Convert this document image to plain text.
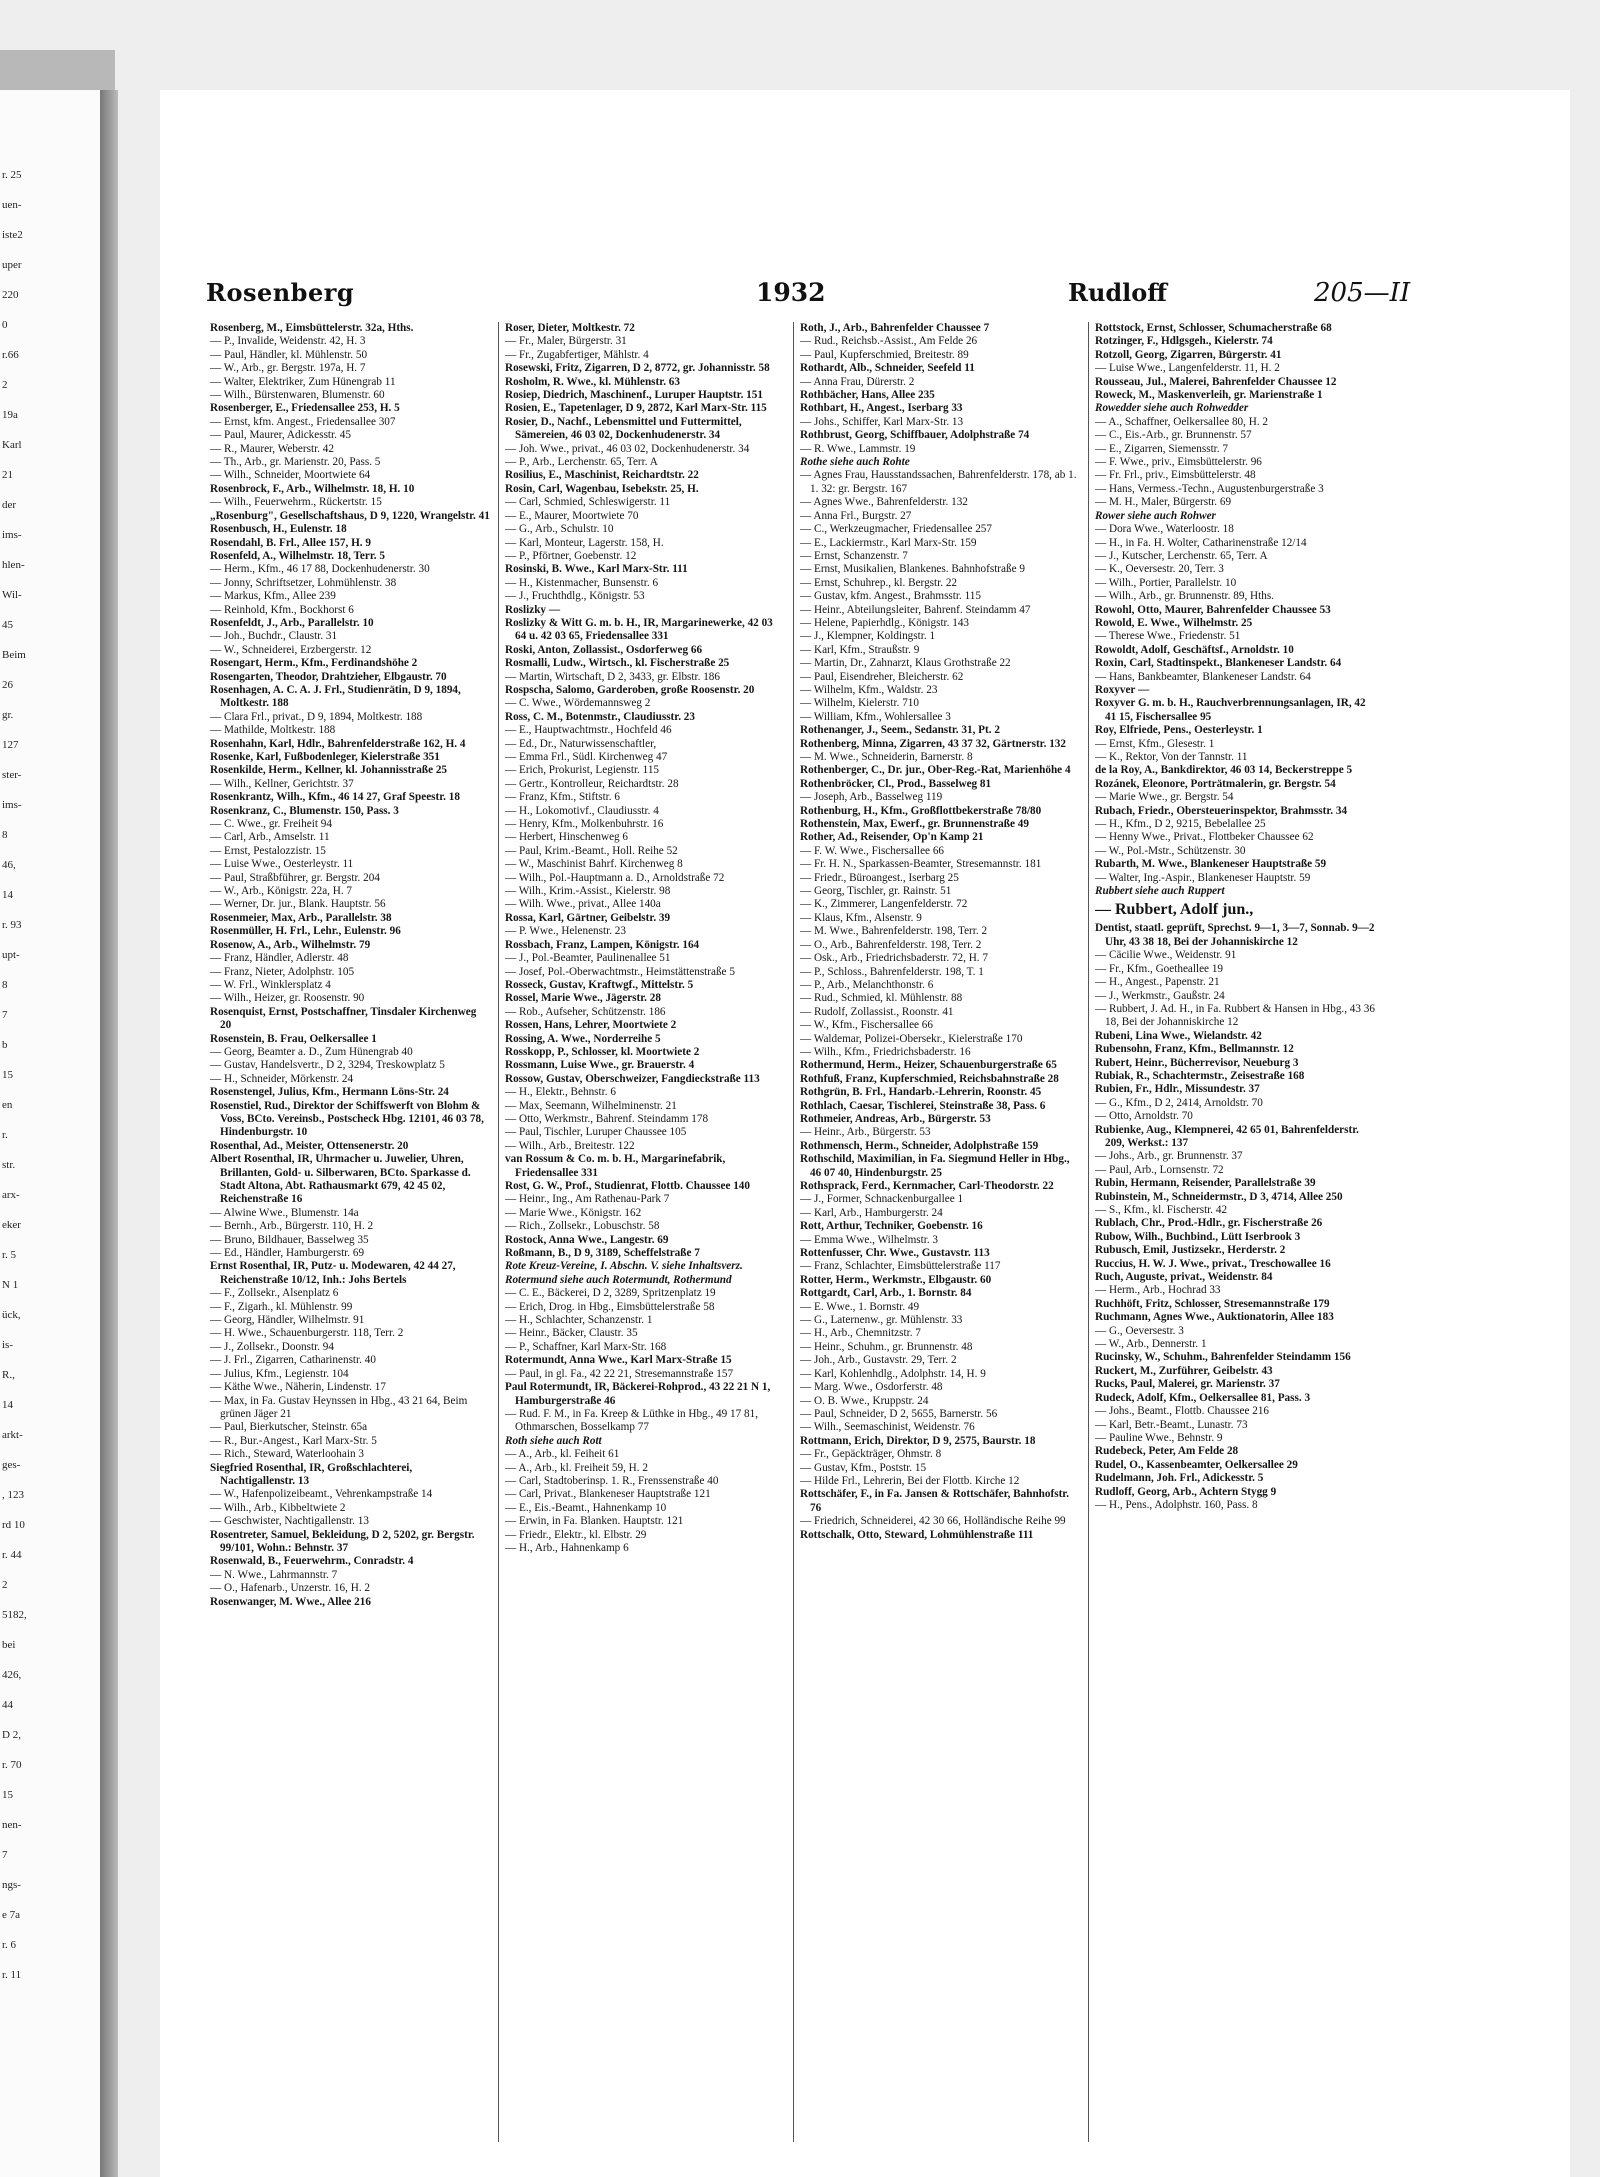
r. 25
uen-
iste2
uper
220
0
r.66
2
19a
Karl
21
der
ims-
hlen-
Wil-
45
Beim
26
gr.
127
ster-
ims-
8
46,
14
r. 93
upt-
8
7
b
15
en
r.
str.
arx-
eker
r. 5
N 1
ück,
is-
R.,
14
arkt-
ges-
, 123
rd 10
r. 44
2
5182,
bei
426,
44
D 2,
r. 70
15
nen-
7
ngs-
e 7a
r. 6
r. 11
Rosenberg	1932	Rudloff	205—II

Rosenberg, M., Eimsbüttelerstr. 32a, Hths.

— P., Invalide, Weidenstr. 42, H. 3

— Paul, Händler, kl. Mühlenstr. 50

— W., Arb., gr. Bergstr. 197a, H. 7

— Walter, Elektriker, Zum Hünengrab 11

— Wilh., Bürstenwaren, Blumenstr. 60

Rosenberger, E., Friedensallee 253, H. 5

— Ernst, kfm. Angest., Friedensallee 307

— Paul, Maurer, Adickesstr. 45

— R., Maurer, Weberstr. 42

— Th., Arb., gr. Marienstr. 20, Pass. 5

— Wilh., Schneider, Moortwiete 64

Rosenbrock, F., Arb., Wilhelmstr. 18, H. 10

— Wilh., Feuerwehrm., Rückertstr. 15

„Rosenburg", Gesellschaftshaus, D 9, 1220, Wrangelstr. 41

Rosenbusch, H., Eulenstr. 18

Rosendahl, B. Frl., Allee 157, H. 9

Rosenfeld, A., Wilhelmstr. 18, Terr. 5

— Herm., Kfm., 46 17 88, Dockenhudenerstr. 30

— Jonny, Schriftsetzer, Lohmühlenstr. 38

— Markus, Kfm., Allee 239

— Reinhold, Kfm., Bockhorst 6

Rosenfeldt, J., Arb., Parallelstr. 10

— Joh., Buchdr., Claustr. 31

— W., Schneiderei, Erzbergerstr. 12

Rosengart, Herm., Kfm., Ferdinandshöhe 2

Rosengarten, Theodor, Drahtzieher, Elbgaustr. 70

Rosenhagen, A. C. A. J. Frl., Studienrätin, D 9, 1894, Moltkestr. 188

— Clara Frl., privat., D 9, 1894, Moltkestr. 188

— Mathilde, Moltkestr. 188

Rosenhahn, Karl, Hdlr., Bahrenfelderstraße 162, H. 4

Rosenke, Karl, Fußbodenleger, Kielerstraße 351

Rosenkilde, Herm., Kellner, kl. Johannisstraße 25

— Wilh., Kellner, Gerichtstr. 37

Rosenkrantz, Wilh., Kfm., 46 14 27, Graf Speestr. 18

Rosenkranz, C., Blumenstr. 150, Pass. 3

— C. Wwe., gr. Freiheit 94

— Carl, Arb., Amselstr. 11

— Ernst, Pestalozzistr. 15

— Luise Wwe., Oesterleystr. 11

— Paul, Straßbführer, gr. Bergstr. 204

— W., Arb., Königstr. 22a, H. 7

— Werner, Dr. jur., Blank. Hauptstr. 56

Rosenmeier, Max, Arb., Parallelstr. 38

Rosenmüller, H. Frl., Lehr., Eulenstr. 96

Rosenow, A., Arb., Wilhelmstr. 79

— Franz, Händler, Adlerstr. 48

— Franz, Nieter, Adolphstr. 105

— W. Frl., Winklersplatz 4

— Wilh., Heizer, gr. Roosenstr. 90

Rosenquist, Ernst, Postschaffner, Tinsdaler Kirchenweg 20

Rosenstein, B. Frau, Oelkersallee 1

— Georg, Beamter a. D., Zum Hünengrab 40

— Gustav, Handelsvertr., D 2, 3294, Treskowplatz 5

— H., Schneider, Mörkenstr. 24

Rosenstengel, Julius, Kfm., Hermann Löns-Str. 24

Rosenstiel, Rud., Direktor der Schiffswerft von Blohm & Voss, BCto. Vereinsb., Postscheck Hbg. 12101, 46 03 78, Hindenburgstr. 10

Rosenthal, Ad., Meister, Ottensenerstr. 20

Albert Rosenthal, IR, Uhrmacher u. Juwelier, Uhren, Brillanten, Gold- u. Silberwaren, BCto. Sparkasse d. Stadt Altona, Abt. Rathausmarkt 679, 42 45 02, Reichenstraße 16

— Alwine Wwe., Blumenstr. 14a

— Bernh., Arb., Bürgerstr. 110, H. 2

— Bruno, Bildhauer, Basselweg 35

— Ed., Händler, Hamburgerstr. 69

Ernst Rosenthal, IR, Putz- u. Modewaren, 42 44 27, Reichenstraße 10/12, Inh.: Johs Bertels

— F., Zollsekr., Alsenplatz 6

— F., Zigarh., kl. Mühlenstr. 99

— Georg, Händler, Wilhelmstr. 91

— H. Wwe., Schauenburgerstr. 118, Terr. 2

— J., Zollsekr., Doonstr. 94

— J. Frl., Zigarren, Catharinenstr. 40

— Julius, Kfm., Legienstr. 104

— Käthe Wwe., Näherin, Lindenstr. 17

— Max, in Fa. Gustav Heynssen in Hbg., 43 21 64, Beim grünen Jäger 21

— Paul, Bierkutscher, Steinstr. 65a

— R., Bur.-Angest., Karl Marx-Str. 5

— Rich., Steward, Waterloohain 3

Siegfried Rosenthal, IR, Großschlachterei, Nachtigallenstr. 13

— W., Hafenpolizeibeamt., Vehrenkampstraße 14

— Wilh., Arb., Kibbeltwiete 2

— Geschwister, Nachtigallenstr. 13

Rosentreter, Samuel, Bekleidung, D 2, 5202, gr. Bergstr. 99/101, Wohn.: Behnstr. 37

Rosenwald, B., Feuerwehrm., Conradstr. 4

— N. Wwe., Lahrmannstr. 7

— O., Hafenarb., Unzerstr. 16, H. 2

Rosenwanger, M. Wwe., Allee 216

Roser, Dieter, Moltkestr. 72

— Fr., Maler, Bürgerstr. 31

— Fr., Zugabfertiger, Mählstr. 4

Rosewski, Fritz, Zigarren, D 2, 8772, gr. Johannisstr. 58

Rosholm, R. Wwe., kl. Mühlenstr. 63

Rosiep, Diedrich, Maschinenf., Luruper Hauptstr. 151

Rosien, E., Tapetenlager, D 9, 2872, Karl Marx-Str. 115

Rosier, D., Nachf., Lebensmittel und Futtermittel, Sämereien, 46 03 02, Dockenhudenerstr. 34

— Joh. Wwe., privat., 46 03 02, Dockenhudenerstr. 34

— P., Arb., Lerchenstr. 65, Terr. A

Rosilius, E., Maschinist, Reichardtstr. 22

Rosin, Carl, Wagenbau, Isebekstr. 25, H.

— Carl, Schmied, Schleswigerstr. 11

— E., Maurer, Moortwiete 70

— G., Arb., Schulstr. 10

— Karl, Monteur, Lagerstr. 158, H.

— P., Pförtner, Goebenstr. 12

Rosinski, B. Wwe., Karl Marx-Str. 111

— H., Kistenmacher, Bunsenstr. 6

— J., Fruchthdlg., Königstr. 53

Roslizky —

Roslizky & Witt G. m. b. H., IR, Margarinewerke, 42 03 64 u. 42 03 65, Friedensallee 331

Roski, Anton, Zollassist., Osdorferweg 66

Rosmalli, Ludw., Wirtsch., kl. Fischerstraße 25

— Martin, Wirtschaft, D 2, 3433, gr. Elbstr. 186

Rospscha, Salomo, Garderoben, große Roosenstr. 20

— C. Wwe., Wördemannsweg 2

Ross, C. M., Botenmstr., Claudiusstr. 23

— E., Hauptwachtmstr., Hochfeld 46

— Ed., Dr., Naturwissenschaftler,

— Emma Frl., Südl. Kirchenweg 47

— Erich, Prokurist, Legienstr. 115

— Gertr., Kontrolleur, Reichardtstr. 28

— Franz, Kfm., Stiftstr. 6

— H., Lokomotivf., Claudiusstr. 4

— Henry, Kfm., Molkenbuhrstr. 16

— Herbert, Hinschenweg 6

— Paul, Krim.-Beamt., Holl. Reihe 52

— W., Maschinist Bahrf. Kirchenweg 8

— Wilh., Pol.-Hauptmann a. D., Arnoldstraße 72

— Wilh., Krim.-Assist., Kielerstr. 98

— Wilh. Wwe., privat., Allee 140a

Rossa, Karl, Gärtner, Geibelstr. 39

— P. Wwe., Helenenstr. 23

Rossbach, Franz, Lampen, Königstr. 164

— J., Pol.-Beamter, Paulinenallee 51

— Josef, Pol.-Oberwachtmstr., Heimstättenstraße 5

Rosseck, Gustav, Kraftwgf., Mittelstr. 5

Rossel, Marie Wwe., Jägerstr. 28

— Rob., Aufseher, Schützenstr. 186

Rossen, Hans, Lehrer, Moortwiete 2

Rossing, A. Wwe., Norderreihe 5

Rosskopp, P., Schlosser, kl. Moortwiete 2

Rossmann, Luise Wwe., gr. Brauerstr. 4

Rossow, Gustav, Oberschweizer, Fangdieckstraße 113

— H., Elektr., Behnstr. 6

— Max, Seemann, Wilhelminenstr. 21

— Otto, Werkmstr., Bahrenf. Steindamm 178

— Paul, Tischler, Luruper Chaussee 105

— Wilh., Arb., Breitestr. 122

van Rossum & Co. m. b. H., Margarinefabrik, Friedensallee 331

Rost, G. W., Prof., Studienrat, Flottb. Chaussee 140

— Heinr., Ing., Am Rathenau-Park 7

— Marie Wwe., Königstr. 162

— Rich., Zollsekr., Lobuschstr. 58

Rostock, Anna Wwe., Langestr. 69

Roßmann, B., D 9, 3189, Scheffelstraße 7

Rote Kreuz-Vereine, I. Abschn. V. siehe Inhaltsverz.

Rotermund siehe auch Rotermundt, Rothermund

— C. E., Bäckerei, D 2, 3289, Spritzenplatz 19

— Erich, Drog. in Hbg., Eimsbüttelerstraße 58

— H., Schlachter, Schanzenstr. 1

— Heinr., Bäcker, Claustr. 35

— P., Schaffner, Karl Marx-Str. 168

Rotermundt, Anna Wwe., Karl Marx-Straße 15

— Paul, in gl. Fa., 42 22 21, Stresemannstraße 157

Paul Rotermundt, IR, Bäckerei-Rohprod., 43 22 21 N 1, Hamburgerstraße 46

— Rud. F. M., in Fa. Kreep & Lüthke in Hbg., 49 17 81, Othmarschen, Bosselkamp 77

Roth siehe auch Rott

— A., Arb., kl. Feiheit 61

— A., Arb., kl. Freiheit 59, H. 2

— Carl, Stadtoberinsp. 1. R., Frenssenstraße 40

— Carl, Privat., Blankeneser Hauptstraße 121

— E., Eis.-Beamt., Hahnenkamp 10

— Erwin, in Fa. Blanken. Hauptstr. 121

— Friedr., Elektr., kl. Elbstr. 29

— H., Arb., Hahnenkamp 6

Roth, J., Arb., Bahrenfelder Chaussee 7

— Rud., Reichsb.-Assist., Am Felde 26

— Paul, Kupferschmied, Breitestr. 89

Rothardt, Alb., Schneider, Seefeld 11

— Anna Frau, Dürerstr. 2

Rothbächer, Hans, Allee 235

Rothbart, H., Angest., Iserbarg 33

— Johs., Schiffer, Karl Marx-Str. 13

Rothbrust, Georg, Schiffbauer, Adolphstraße 74

— R. Wwe., Lammstr. 19

Rothe siehe auch Rohte

— Agnes Frau, Hausstandssachen, Bahrenfelderstr. 178, ab 1. 1. 32: gr. Bergstr. 167

— Agnes Wwe., Bahrenfelderstr. 132

— Anna Frl., Burgstr. 27

— C., Werkzeugmacher, Friedensallee 257

— E., Lackiermstr., Karl Marx-Str. 159

— Ernst, Schanzenstr. 7

— Ernst, Musikalien, Blankenes. Bahnhofstraße 9

— Ernst, Schuhrep., kl. Bergstr. 22

— Gustav, kfm. Angest., Brahmsstr. 115

— Heinr., Abteilungsleiter, Bahrenf. Steindamm 47

— Helene, Papierhdlg., Königstr. 143

— J., Klempner, Koldingstr. 1

— Karl, Kfm., Straußstr. 9

— Martin, Dr., Zahnarzt, Klaus Grothstraße 22

— Paul, Eisendreher, Bleicherstr. 62

— Wilhelm, Kfm., Waldstr. 23

— Wilhelm, Kielerstr. 710

— William, Kfm., Wohlersallee 3

Rothenanger, J., Seem., Sedanstr. 31, Pt. 2

Rothenberg, Minna, Zigarren, 43 37 32, Gärtnerstr. 132

— M. Wwe., Schneiderin, Barnerstr. 8

Rothenberger, C., Dr. jur., Ober-Reg.-Rat, Marienhöhe 4

Rothenbröcker, Cl., Prod., Basselweg 81

— Joseph, Arb., Basselweg 119

Rothenburg, H., Kfm., Großflottbekerstraße 78/80

Rothenstein, Max, Ewerf., gr. Brunnenstraße 49

Rother, Ad., Reisender, Op'n Kamp 21

— F. W. Wwe., Fischersallee 66

— Fr. H. N., Sparkassen-Beamter, Stresemannstr. 181

— Friedr., Büroangest., Iserbarg 25

— Georg, Tischler, gr. Rainstr. 51

— K., Zimmerer, Langenfelderstr. 72

— Klaus, Kfm., Alsenstr. 9

— M. Wwe., Bahrenfelderstr. 198, Terr. 2

— O., Arb., Bahrenfelderstr. 198, Terr. 2

— Osk., Arb., Friedrichsbaderstr. 72, H. 7

— P., Schloss., Bahrenfelderstr. 198, T. 1

— P., Arb., Melanchthonstr. 6

— Rud., Schmied, kl. Mühlenstr. 88

— Rudolf, Zollassist., Roonstr. 41

— W., Kfm., Fischersallee 66

— Waldemar, Polizei-Obersekr., Kielerstraße 170

— Wilh., Kfm., Friedrichsbaderstr. 16

Rothermund, Herm., Heizer, Schauenburgerstraße 65

Rothfuß, Franz, Kupferschmied, Reichsbahnstraße 28

Rothgrün, B. Frl., Handarb.-Lehrerin, Roonstr. 45

Rothlach, Caesar, Tischlerei, Steinstraße 38, Pass. 6

Rothmeier, Andreas, Arb., Bürgerstr. 53

— Heinr., Arb., Bürgerstr. 53

Rothmensch, Herm., Schneider, Adolphstraße 159

Rothschild, Maximilian, in Fa. Siegmund Heller in Hbg., 46 07 40, Hindenburgstr. 25

Rothsprack, Ferd., Kernmacher, Carl-Theodorstr. 22

— J., Former, Schnackenburgallee 1

— Karl, Arb., Hamburgerstr. 24

Rott, Arthur, Techniker, Goebenstr. 16

— Emma Wwe., Wilhelmstr. 3

Rottenfusser, Chr. Wwe., Gustavstr. 113

— Franz, Schlachter, Eimsbüttelerstraße 117

Rotter, Herm., Werkmstr., Elbgaustr. 60

Rottgardt, Carl, Arb., 1. Bornstr. 84

— E. Wwe., 1. Bornstr. 49

— G., Laternenw., gr. Mühlenstr. 33

— H., Arb., Chemnitzstr. 7

— Heinr., Schuhm., gr. Brunnenstr. 48

— Joh., Arb., Gustavstr. 29, Terr. 2

— Karl, Kohlenhdlg., Adolphstr. 14, H. 9

— Marg. Wwe., Osdorferstr. 48

— O. B. Wwe., Kruppstr. 24

— Paul, Schneider, D 2, 5655, Barnerstr. 56

— Wilh., Seemaschinist, Weidenstr. 76

Rottmann, Erich, Direktor, D 9, 2575, Baurstr. 18

— Fr., Gepäckträger, Ohmstr. 8

— Gustav, Kfm., Poststr. 15

— Hilde Frl., Lehrerin, Bei der Flottb. Kirche 12

Rottschäfer, F., in Fa. Jansen & Rottschäfer, Bahnhofstr. 76

— Friedrich, Schneiderei, 42 30 66, Holländische Reihe 99

Rottschalk, Otto, Steward, Lohmühlenstraße 111

Rottstock, Ernst, Schlosser, Schumacherstraße 68

Rotzinger, F., Hdlgsgeh., Kielerstr. 74

Rotzoll, Georg, Zigarren, Bürgerstr. 41

— Luise Wwe., Langenfelderstr. 11, H. 2

Rousseau, Jul., Malerei, Bahrenfelder Chaussee 12

Roweck, M., Maskenverleih, gr. Marienstraße 1

Rowedder siehe auch Rohwedder

— A., Schaffner, Oelkersallee 80, H. 2

— C., Eis.-Arb., gr. Brunnenstr. 57

— E., Zigarren, Siemensstr. 7

— F. Wwe., priv., Eimsbüttelerstr. 96

— Fr. Frl., priv., Eimsbüttelerstr. 48

— Hans, Vermess.-Techn., Augustenburgerstraße 3

— M. H., Maler, Bürgerstr. 69

Rower siehe auch Rohwer

— Dora Wwe., Waterloostr. 18

— H., in Fa. H. Wolter, Catharinenstraße 12/14

— J., Kutscher, Lerchenstr. 65, Terr. A

— K., Oeversestr. 20, Terr. 3

— Wilh., Portier, Parallelstr. 10

— Wilh., Arb., gr. Brunnenstr. 89, Hths.

Rowohl, Otto, Maurer, Bahrenfelder Chaussee 53

Rowold, E. Wwe., Wilhelmstr. 25

— Therese Wwe., Friedenstr. 51

Rowoldt, Adolf, Geschäftsf., Arnoldstr. 10

Roxin, Carl, Stadtinspekt., Blankeneser Landstr. 64

— Hans, Bankbeamter, Blankeneser Landstr. 64

Roxyver —

Roxyver G. m. b. H., Rauchverbrennungsanlagen, IR, 42 41 15, Fischersallee 95

Roy, Elfriede, Pens., Oesterleystr. 1

— Ernst, Kfm., Glesestr. 1

— K., Rektor, Von der Tannstr. 11

de la Roy, A., Bankdirektor, 46 03 14, Beckerstreppe 5

Rozánek, Eleonore, Porträtmalerin, gr. Bergstr. 54

— Marie Wwe., gr. Bergstr. 54

Rubach, Friedr., Obersteuerinspektor, Brahmsstr. 34

— H., Kfm., D 2, 9215, Bebelallee 25

— Henny Wwe., Privat., Flottbeker Chaussee 62

— W., Pol.-Mstr., Schützenstr. 30

Rubarth, M. Wwe., Blankeneser Hauptstraße 59

— Walter, Ing.-Aspir., Blankeneser Hauptstr. 59

Rubbert siehe auch Ruppert

— Rubbert, Adolf jun.,

Dentist, staatl. geprüft, Sprechst. 9—1, 3—7, Sonnab. 9—2 Uhr, 43 38 18, Bei der Johanniskirche 12

— Cäcilie Wwe., Weidenstr. 91

— Fr., Kfm., Goetheallee 19

— H., Angest., Papenstr. 21

— J., Werkmstr., Gaußstr. 24

— Rubbert, J. Ad. H., in Fa. Rubbert & Hansen in Hbg., 43 36 18, Bei der Johanniskirche 12

Rubeni, Lina Wwe., Wielandstr. 42

Rubensohn, Franz, Kfm., Bellmannstr. 12

Rubert, Heinr., Bücherrevisor, Neueburg 3

Rubiak, R., Schachtermstr., Zeisestraße 168

Rubien, Fr., Hdlr., Missundestr. 37

— G., Kfm., D 2, 2414, Arnoldstr. 70

— Otto, Arnoldstr. 70

Rubienke, Aug., Klempnerei, 42 65 01, Bahrenfelderstr. 209, Werkst.: 137

— Johs., Arb., gr. Brunnenstr. 37

— Paul, Arb., Lornsenstr. 72

Rubin, Hermann, Reisender, Parallelstraße 39

Rubinstein, M., Schneidermstr., D 3, 4714, Allee 250

— S., Kfm., kl. Fischerstr. 42

Rublach, Chr., Prod.-Hdlr., gr. Fischerstraße 26

Rubow, Wilh., Buchbind., Lütt Iserbrook 3

Rubusch, Emil, Justizsekr., Herderstr. 2

Ruccius, H. W. J. Wwe., privat., Treschowallee 16

Ruch, Auguste, privat., Weidenstr. 84

— Herm., Arb., Hochrad 33

Ruchhöft, Fritz, Schlosser, Stresemannstraße 179

Ruchmann, Agnes Wwe., Auktionatorin, Allee 183

— G., Oeversestr. 3

— W., Arb., Dennerstr. 1

Rucinsky, W., Schuhm., Bahrenfelder Steindamm 156

Ruckert, M., Zurführer, Geibelstr. 43

Rucks, Paul, Malerei, gr. Marienstr. 37

Rudeck, Adolf, Kfm., Oelkersallee 81, Pass. 3

— Johs., Beamt., Flottb. Chaussee 216

— Karl, Betr.-Beamt., Lunastr. 73

— Pauline Wwe., Behnstr. 9

Rudebeck, Peter, Am Felde 28

Rudel, O., Kassenbeamter, Oelkersallee 29

Rudelmann, Joh. Frl., Adickesstr. 5

Rudloff, Georg, Arb., Achtern Stygg 9

— H., Pens., Adolphstr. 160, Pass. 8
